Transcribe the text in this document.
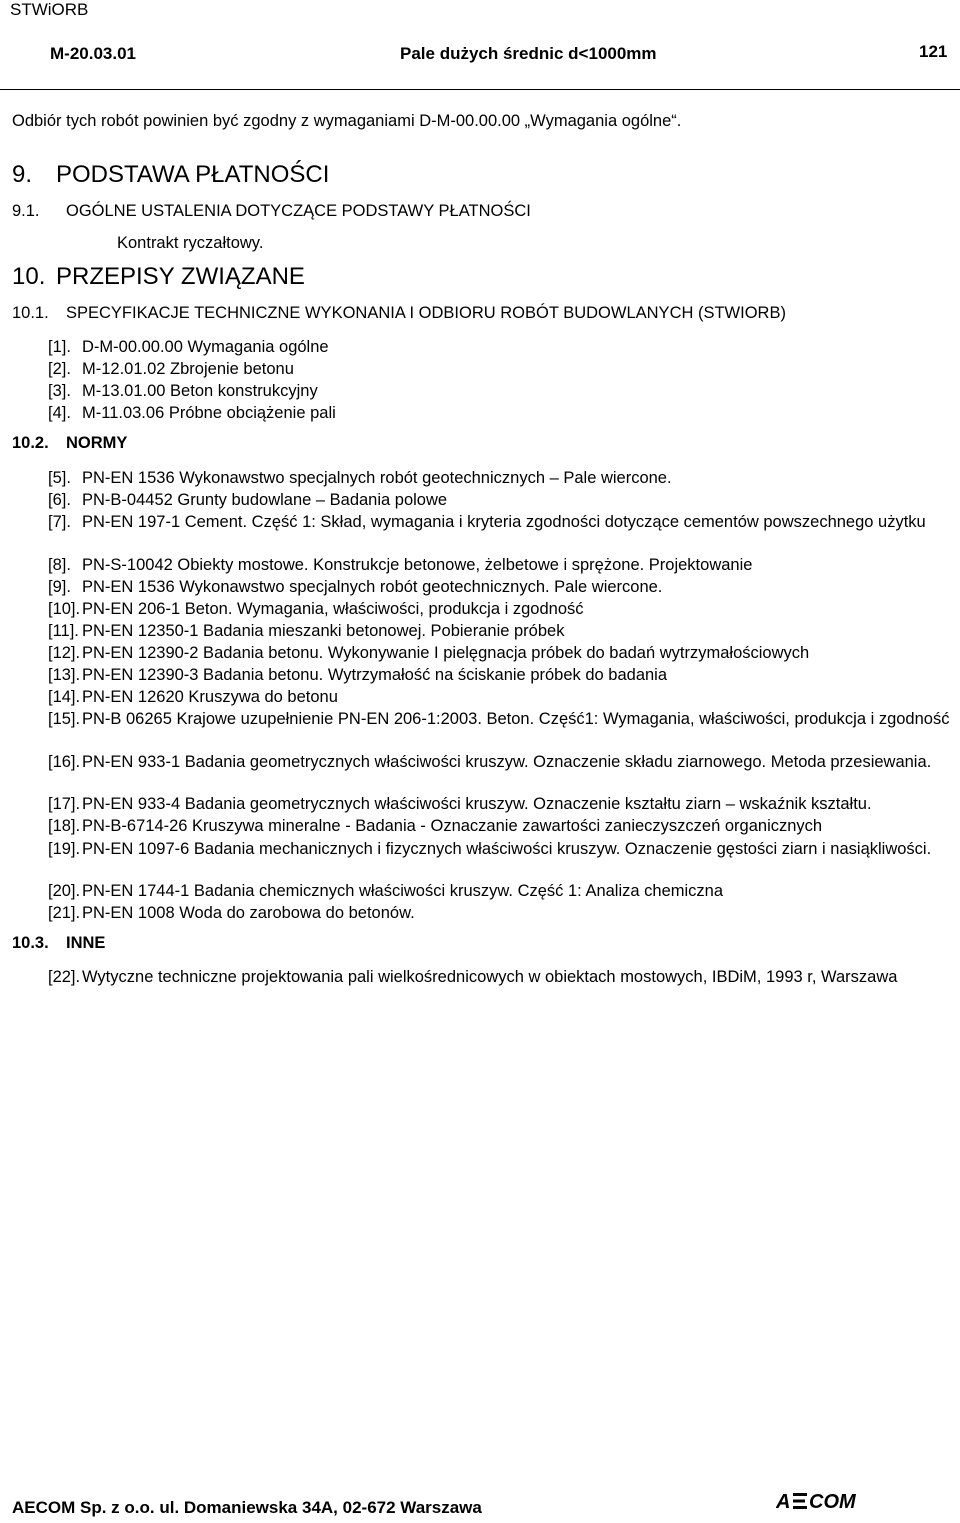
STWiORB
M-20.03.01	Pale dużych średnic d<1000mm	121
Odbiór tych robót powinien być zgodny z wymaganiami D-M-00.00.00 „Wymagania ogólne“.
9. PODSTAWA PŁATNOŚCI
9.1. OGÓLNE USTALENIA DOTYCZĄCE PODSTAWY PŁATNOŚCI
Kontrakt ryczałtowy.
10. PRZEPISY ZWIĄZANE
10.1. SPECYFIKACJE TECHNICZNE WYKONANIA I ODBIORU ROBÓT BUDOWLANYCH (STWIORB)
[1]. D-M-00.00.00 Wymagania ogólne
[2]. M-12.01.02 Zbrojenie betonu
[3]. M-13.01.00 Beton konstrukcyjny
[4]. M-11.03.06 Próbne obciążenie pali
10.2. NORMY
[5]. PN-EN 1536 Wykonawstwo specjalnych robót geotechnicznych – Pale wiercone.
[6]. PN-B-04452 Grunty budowlane – Badania polowe
[7]. PN-EN 197-1 Cement. Część 1: Skład, wymagania i kryteria zgodności dotyczące cementów powszechnego użytku
[8]. PN-S-10042 Obiekty mostowe. Konstrukcje betonowe, żelbetowe i sprężone. Projektowanie
[9]. PN-EN 1536 Wykonawstwo specjalnych robót geotechnicznych. Pale wiercone.
[10]. PN-EN 206-1 Beton. Wymagania, właściwości, produkcja i zgodność
[11]. PN-EN 12350-1 Badania mieszanki betonowej. Pobieranie próbek
[12]. PN-EN 12390-2 Badania betonu. Wykonywanie I pielęgnacja próbek do badań wytrzymałościowych
[13]. PN-EN 12390-3 Badania betonu. Wytrzymałość na ściskanie próbek do badania
[14]. PN-EN 12620 Kruszywa do betonu
[15]. PN-B 06265 Krajowe uzupełnienie PN-EN 206-1:2003. Beton. Część1: Wymagania, właściwości, produkcja i zgodność
[16]. PN-EN 933-1 Badania geometrycznych właściwości kruszyw. Oznaczenie składu ziarnowego. Metoda przesiewania.
[17]. PN-EN 933-4 Badania geometrycznych właściwości kruszyw. Oznaczenie kształtu ziarn – wskaźnik kształtu.
[18]. PN-B-6714-26 Kruszywa mineralne - Badania - Oznaczanie zawartości zanieczyszczeń organicznych
[19]. PN-EN 1097-6 Badania mechanicznych i fizycznych właściwości kruszyw. Oznaczenie gęstości ziarn i nasiąkliwości.
[20]. PN-EN 1744-1 Badania chemicznych właściwości kruszyw. Część 1: Analiza chemiczna
[21]. PN-EN 1008 Woda do zarobowa do betonów.
10.3. INNE
[22]. Wytyczne techniczne projektowania pali wielkośrednicowych w obiektach mostowych, IBDiM, 1993 r, Warszawa
AECOM Sp. z o.o. ul. Domaniewska 34A, 02-672 Warszawa	A COM
